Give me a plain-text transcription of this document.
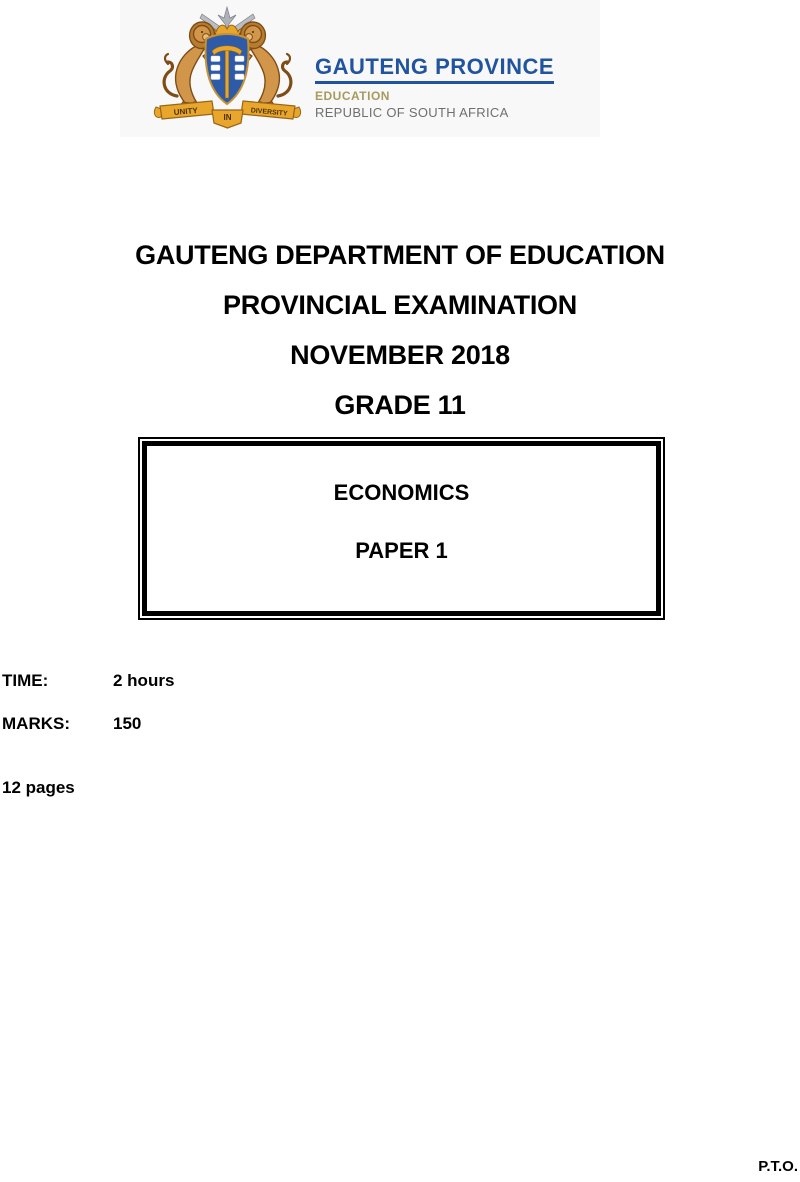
UNITY
IN	DIVERSITY
GAUTENG PROVINCE
EDUCATION
REPUBLIC OF SOUTH AFRICA
GAUTENG DEPARTMENT OF EDUCATION
PROVINCIAL EXAMINATION
NOVEMBER 2018
GRADE 11
ECONOMICS
PAPER 1
TIME:	2 hours
MARKS:	150
12 pages
P.T.O.
